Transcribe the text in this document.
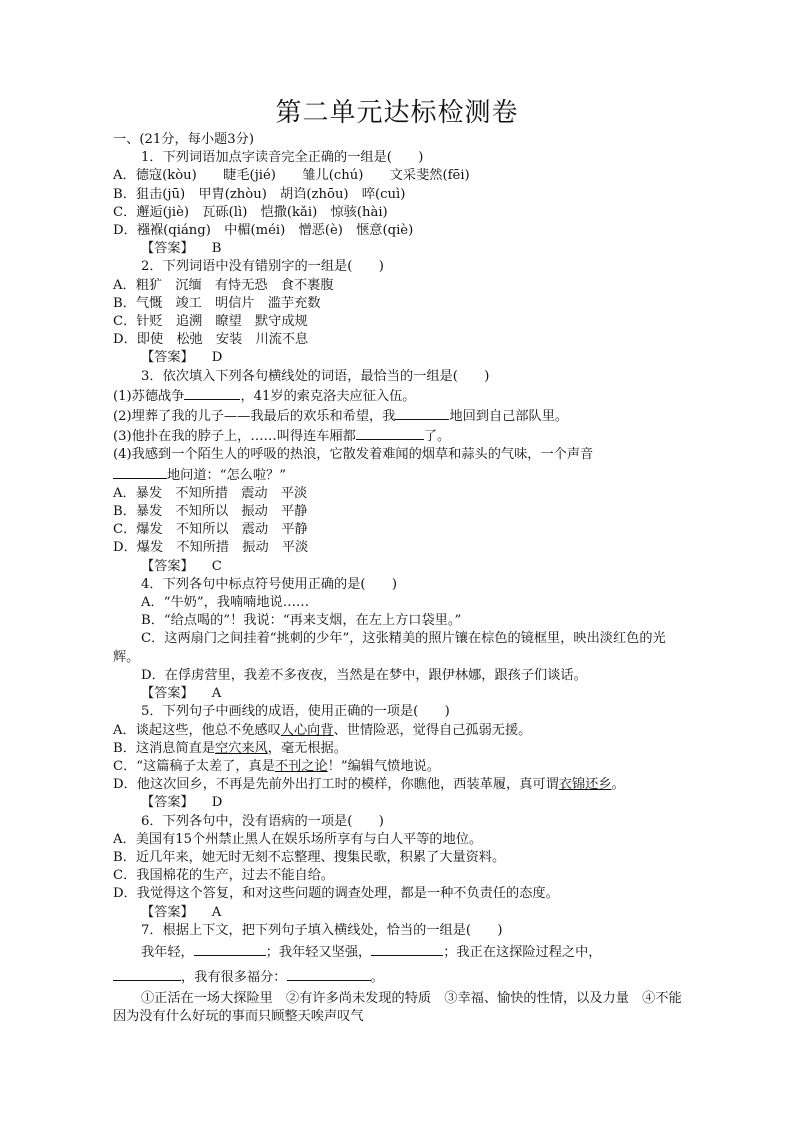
第二单元达标检测卷
一、(21分，每小题3分)
1．下列词语加点字读音完全正确的一组是(　　)
A．德寇(kòu)　　睫毛(jié)　　雏儿(chú)　　文采斐然(fēi)
B．狙击(jū)　甲胄(zhòu)　胡诌(zhōu)　啐(cuì)
C．邂逅(jiè)　瓦砾(lì)　恺撒(kǎi)　惊骇(hài)
D．襁褓(qiáng)　中楣(méi)　憎恶(è)　惬意(qiè)
【答案】 B
2．下列词语中没有错别字的一组是(　　)
A．粗犷　沉缅　有恃无恐　食不裹腹
B．气慨　竣工　明信片　滥芋充数
C．针贬　追溯　瞭望　默守成规
D．即使　松弛　安装　川流不息
【答案】 D
3．依次填入下列各句横线处的词语，最恰当的一组是(　　)
(1)苏德战争	，41岁的索克洛夫应征入伍。
(2)埋葬了我的儿子——我最后的欢乐和希望，我	地回到自己部队里。
(3)他扑在我的脖子上，……叫得连车厢都	了。
(4)我感到一个陌生人的呼吸的热浪，它散发着难闻的烟草和蒜头的气味，一个声音
地问道：“怎么啦？”
A．暴发　不知所措　震动　平淡
B．暴发　不知所以　振动　平静
C．爆发　不知所以　震动　平静
D．爆发　不知所措　振动　平淡
【答案】 C
4．下列各句中标点符号使用正确的是(　　)
A．“牛奶”，我喃喃地说……
B．“给点喝的”！我说：“再来支烟，在左上方口袋里。”
C．这两扇门之间挂着“挑刺的少年”，这张精美的照片镶在棕色的镜框里，映出淡红色的光辉。
D．在俘虏营里，我差不多夜夜，当然是在梦中，跟伊林娜，跟孩子们谈话。
【答案】 A
5．下列句子中画线的成语，使用正确的一项是(　　)
A．谈起这些，他总不免感叹人心向背、世情险恶，觉得自己孤弱无援。
B．这消息简直是空穴来风，毫无根据。
C．“这篇稿子太差了，真是不刊之论！”编辑气愤地说。
D．他这次回乡，不再是先前外出打工时的模样，你瞧他，西装革履，真可谓衣锦还乡。
【答案】 D
6．下列各句中，没有语病的一项是(　　)
A．美国有15个州禁止黑人在娱乐场所享有与白人平等的地位。
B．近几年来，她无时无刻不忘整理、搜集民歌，积累了大量资料。
C．我国棉花的生产，过去不能自给。
D．我觉得这个答复，和对这些问题的调查处理，都是一种不负责任的态度。
【答案】 A
7．根据上下文，把下列句子填入横线处，恰当的一组是(　　)
我年轻，	；我年轻又坚强，	；我正在这探险过程之中，
，我有很多福分：	。
①正活在一场大探险里　②有许多尚未发现的特质　③幸福、愉快的性情，以及力量　④不能因为没有什么好玩的事而只顾整天唉声叹气
